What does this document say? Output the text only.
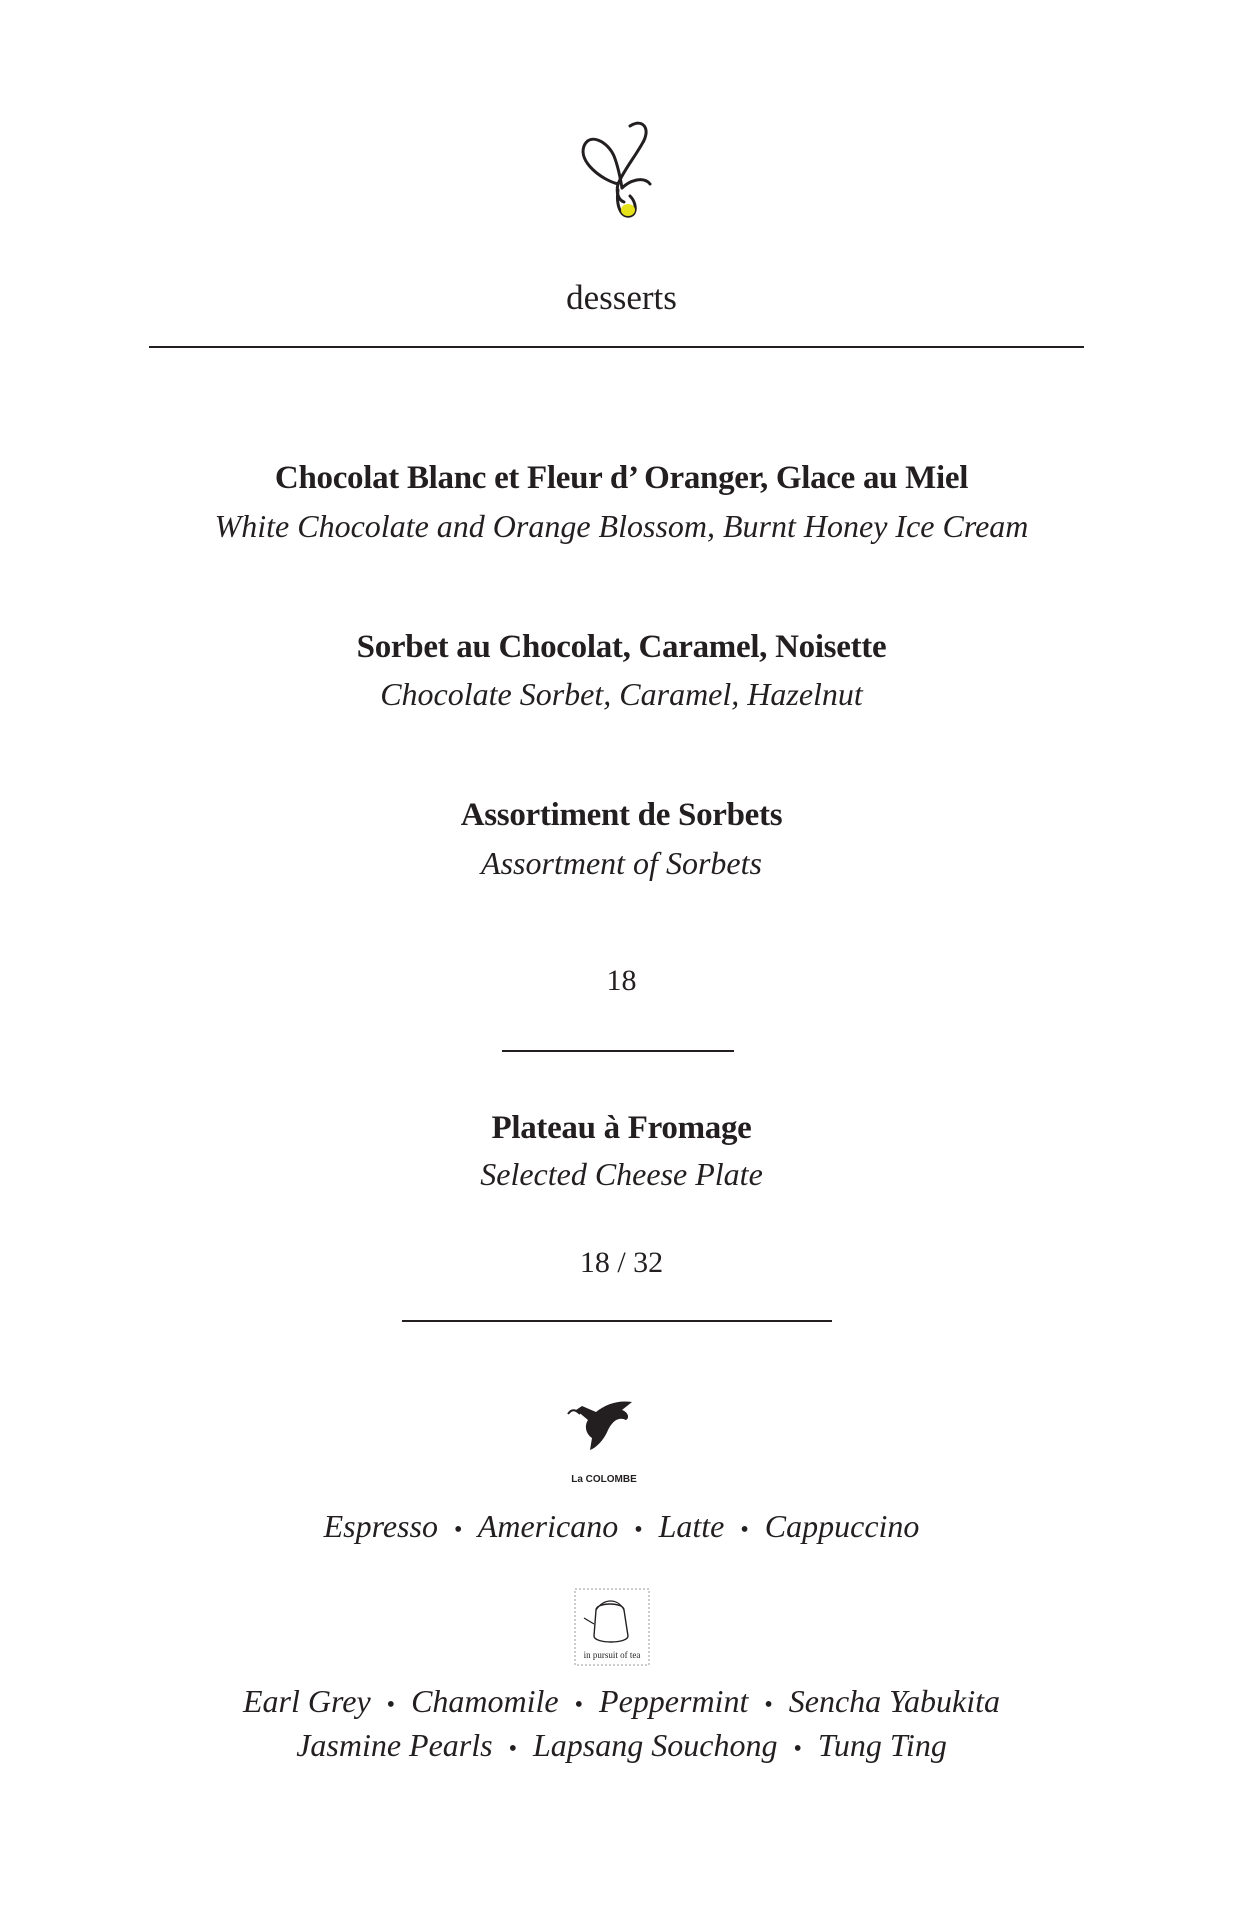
desserts
Chocolat Blanc et Fleur d’ Oranger, Glace au Miel
White Chocolate and Orange Blossom, Burnt Honey Ice Cream
Sorbet au Chocolat, Caramel, Noisette
Chocolate Sorbet, Caramel, Hazelnut
Assortiment de Sorbets
Assortment of Sorbets
18
Plateau à Fromage
Selected Cheese Plate
18 / 32
La COLOMBE
Espresso • Americano • Latte • Cappuccino
in pursuit of tea
Earl Grey • Chamomile • Peppermint • Sencha Yabukita
Jasmine Pearls • Lapsang Souchong • Tung Ting
